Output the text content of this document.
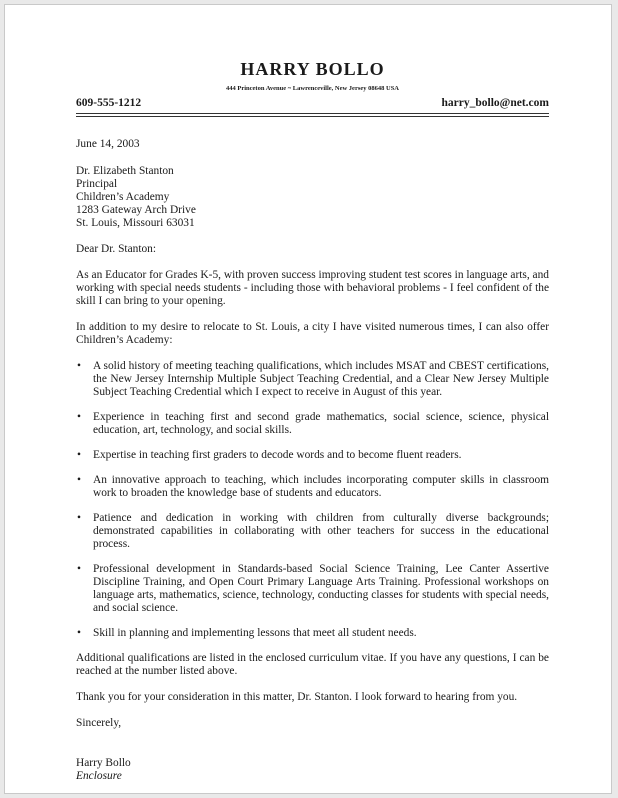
HARRY BOLLO
444 Princeton Avenue ~ Lawrenceville, New Jersey 08648 USA
609-555-1212	harry_bollo@net.com

June 14, 2003

Dr. Elizabeth Stanton

Principal

Children’s Academy

1283 Gateway Arch Drive

St. Louis, Missouri 63031

Dear Dr. Stanton:

As an Educator for Grades K-5, with proven success improving student test scores in language arts, and working with special needs students - including those with behavioral problems - I feel confident of the skill I can bring to your opening.

In addition to my desire to relocate to St. Louis, a city I have visited numerous times, I can also offer Children’s Academy:

• A solid history of meeting teaching qualifications, which includes MSAT and CBEST certifications, the New Jersey Internship Multiple Subject Teaching Credential, and a Clear New Jersey Multiple Subject Teaching Credential which I expect to receive in August of this year.
• Experience in teaching first and second grade mathematics, social science, science, physical education, art, technology, and social skills.
• Expertise in teaching first graders to decode words and to become fluent readers.
• An innovative approach to teaching, which includes incorporating computer skills in classroom work to broaden the knowledge base of students and educators.
• Patience and dedication in working with children from culturally diverse backgrounds; demonstrated capabilities in collaborating with other teachers for success in the educational process.
• Professional development in Standards-based Social Science Training, Lee Canter Assertive Discipline Training, and Open Court Primary Language Arts Training. Professional workshops on language arts, mathematics, science, technology, conducting classes for students with special needs, and social science.
• Skill in planning and implementing lessons that meet all student needs.

Additional qualifications are listed in the enclosed curriculum vitae. If you have any questions, I can be reached at the number listed above.

Thank you for your consideration in this matter, Dr. Stanton. I look forward to hearing from you.

Sincerely,

Harry Bollo

Enclosure
